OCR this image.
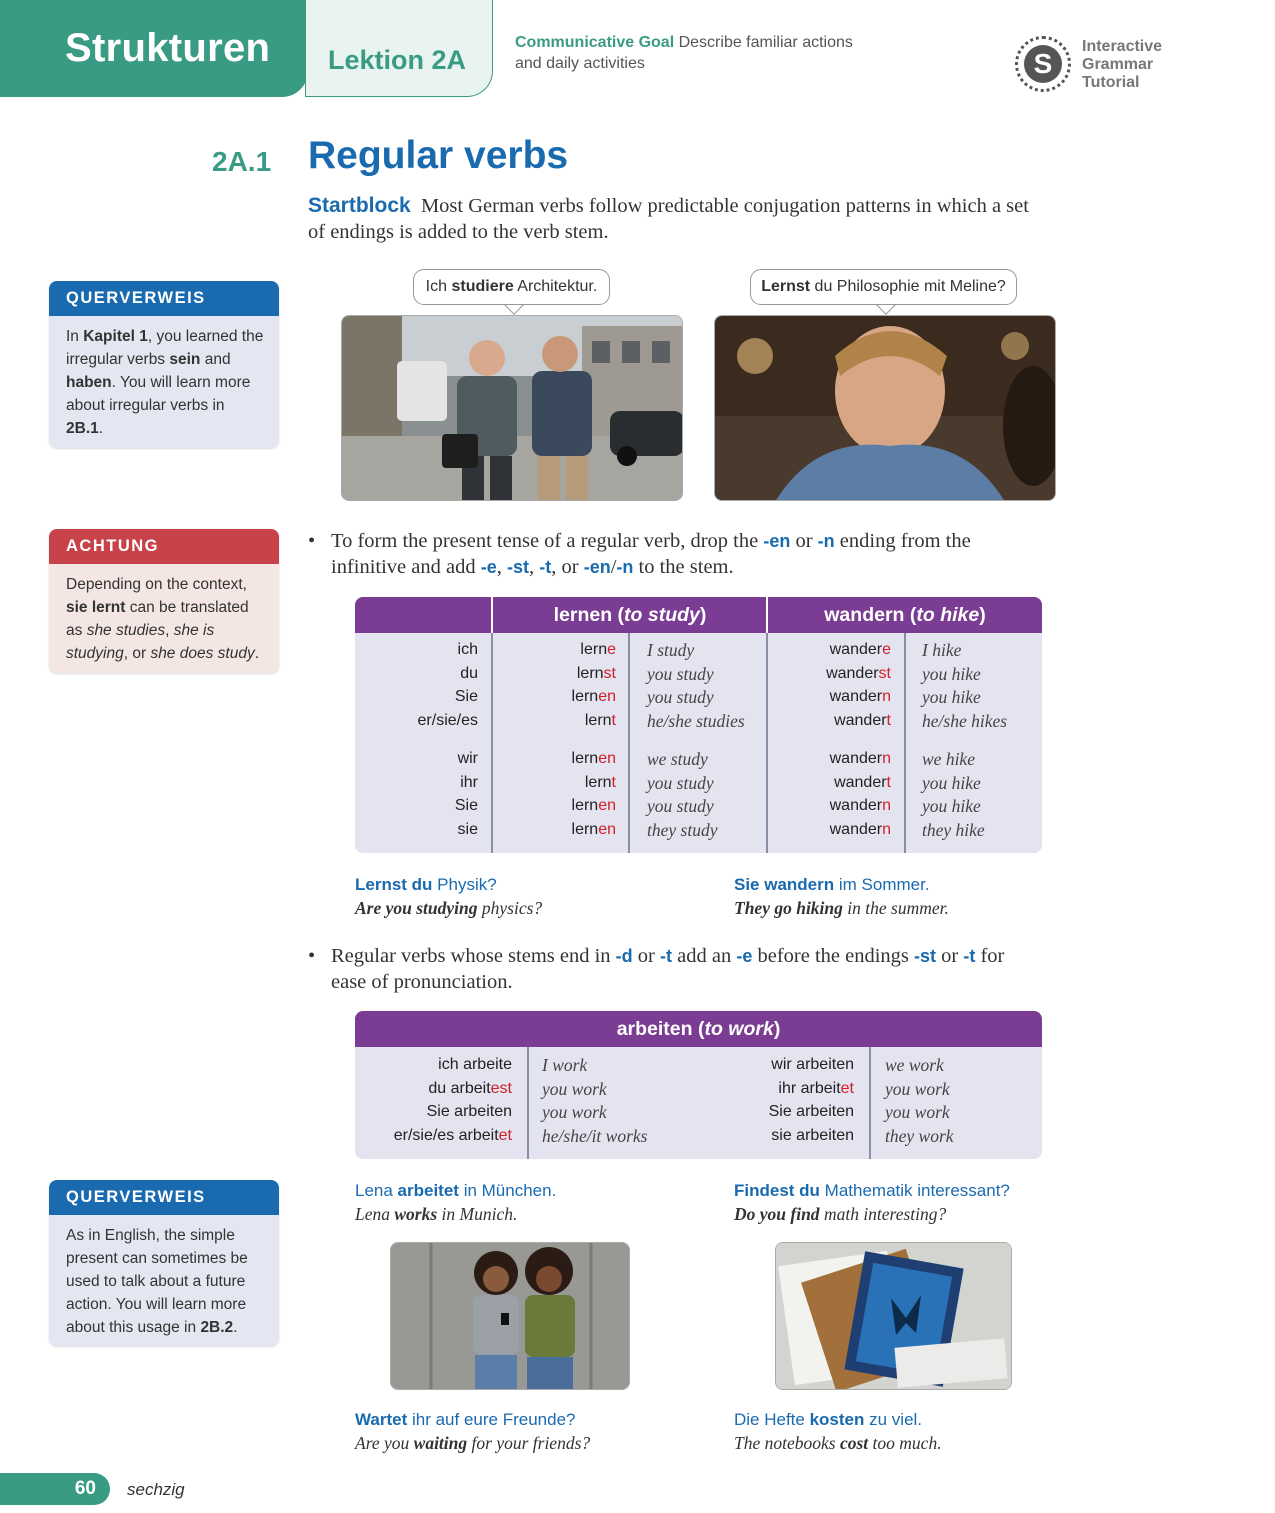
Strukturen	Lektion 2A
Communicative Goal Describe familiar actions and daily activities	S
Interactive
Grammar
Tutorial
2A.1 Regular verbs
Startblock Most German verbs follow predictable conjugation patterns in which a set of endings is added to the verb stem.
QUERVERWEIS
In Kapitel 1, you learned the irregular verbs sein and haben. You will learn more about irregular verbs in 2B.1.
ACHTUNG
Depending on the context, sie lernt can be translated as she studies, she is studying, or she does study.
QUERVERWEIS
As in English, the simple present can sometimes be used to talk about a future action. You will learn more about this usage in 2B.2.
Ich studiere Architektur.	Lernst du Philosophie mit Meline?
• To form the present tense of a regular verb, drop the -en or -n ending from the infinitive and add -e, -st, -t, or -en/-n to the stem.
lernen (to study)	wandern (to hike)
ich	lerne I study	wandere I hike
du	lernst you study	wanderst you hike
Sie	lernen you study	wandern you hike
er/sie/es	lernt he/she studies	wandert he/she hikes
wir	lernen we study	wandern we hike
ihr	lernt you study	wandert you hike
Sie	lernen you study	wandern you hike
sie	lernen they study	wandern they hike
Lernst du Physik?
Are you studying physics?
Sie wandern im Sommer.
They go hiking in the summer.
• Regular verbs whose stems end in -d or -t add an -e before the endings -st or -t for ease of pronunciation.
arbeiten (to work)
ich arbeite I work
du arbeitest you work
Sie arbeiten you work
er/sie/es arbeitet he/she/it works
wir arbeiten we work
ihr arbeitet you work
Sie arbeiten you work
sie arbeiten they work
Lena arbeitet in München.
Lena works in Munich.
Findest du Mathematik interessant?
Do you find math interesting?
Wartet ihr auf eure Freunde?
Are you waiting for your friends?
Die Hefte kosten zu viel.
The notebooks cost too much.
60	sechzig
